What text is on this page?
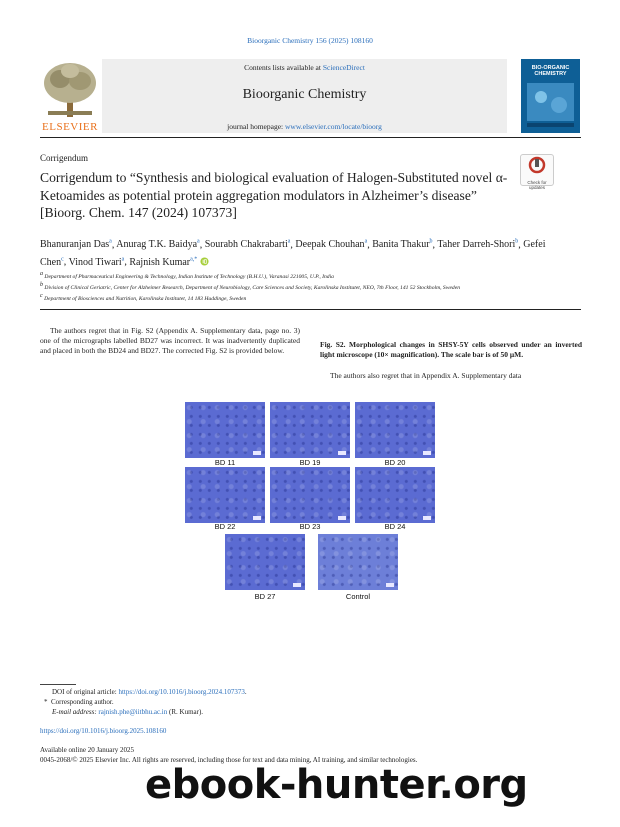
Bioorganic Chemistry 156 (2025) 108160
ELSEVIER
Contents lists available at ScienceDirect
Bioorganic Chemistry
journal homepage: www.elsevier.com/locate/bioorg
BIO-ORGANIC CHEMISTRY
Corrigendum
Check for updates
Corrigendum to “Synthesis and biological evaluation of Halogen-Substituted novel α-Ketoamides as potential protein aggregation modulators in Alzheimer’s disease” [Bioorg. Chem. 147 (2024) 107373]
Bhanuranjan Das$^a$, Anurag T.K. Baidya$^a$, Sourabh Chakrabarti$^a$, Deepak Chouhan$^a$, Banita Thakur$^b$, Taher Darreh-Shori$^b$, Gefei Chen$^c$, Vinod Tiwari$^a$, Rajnish Kumar$^{a,*}$
$^a$ Department of Pharmaceutical Engineering & Technology, Indian Institute of Technology (B.H.U.), Varanasi 221005, U.P., India
$^b$ Division of Clinical Geriatric, Center for Alzheimer Research, Department of Neurobiology, Care Sciences and Society, Karolinska Institutet, NEO, 7th Floor, 141 52 Stockholm, Sweden
$^c$ Department of Biosciences and Nutrition, Karolinska Institutet, 14 183 Huddinge, Sweden
The authors regret that in Fig. S2 (Appendix A. Supplementary data, page no. 3) one of the micrographs labelled BD27 was incorrect. It was inadvertently duplicated and placed in both the BD24 and BD27. The corrected Fig. S2 is provided below.
Fig. S2. Morphological changes in SHSY-5Y cells observed under an inverted light microscope (10× magnification). The scale bar is of 50 μM.
The authors also regret that in Appendix A. Supplementary data
BD 11	BD 19	BD 20
BD 22	BD 23	BD 24
BD 27	Control
DOI of original article: https://doi.org/10.1016/j.bioorg.2024.107373.
* Corresponding author.
E-mail address: rajnish.phe@iitbhu.ac.in (R. Kumar).
https://doi.org/10.1016/j.bioorg.2025.108160
Available online 20 January 2025
0045-2068/© 2025 Elsevier Inc. All rights are reserved, including those for text and data mining, AI training, and similar technologies.
ebook-hunter.org
